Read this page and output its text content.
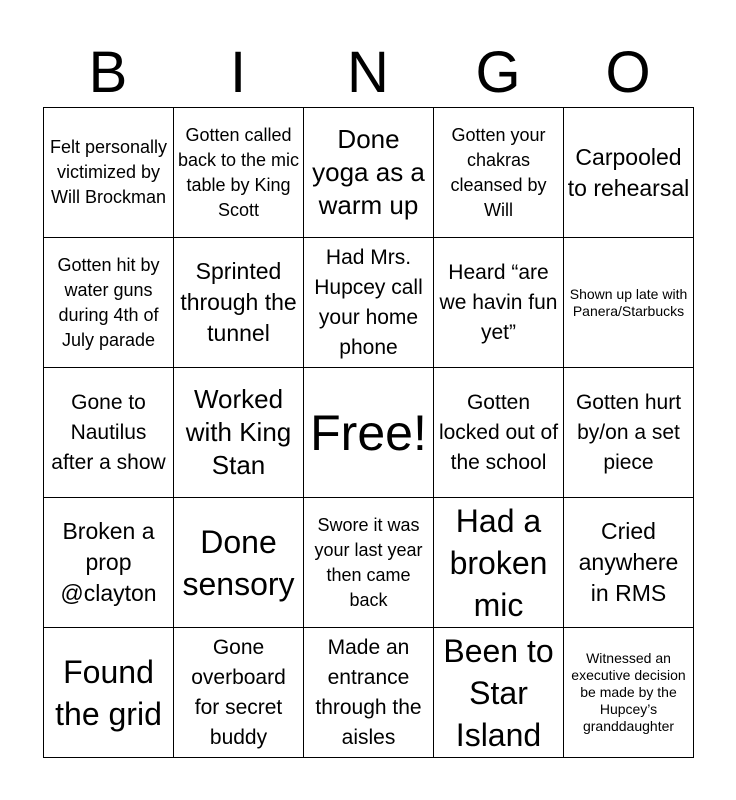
B	I	N	G	O
Felt personally victimized by Will Brockman
Gotten called back to the mic table by King Scott
Done yoga as a warm up
Gotten your chakras cleansed by Will
Carpooled to rehearsal
Gotten hit by water guns during 4th of July parade
Sprinted through the tunnel
Had Mrs. Hupcey call your home phone
Heard “are we havin fun yet”
Shown up late with Panera/Starbucks
Gone to Nautilus after a show
Worked with King Stan
Free!
Gotten locked out of the school
Gotten hurt by/on a set piece
Broken a prop @clayton
Done sensory
Swore it was your last year then came back
Had a broken mic
Cried anywhere in RMS
Found the grid
Gone overboard for secret buddy
Made an entrance through the aisles
Been to Star Island
Witnessed an executive decision be made by the Hupcey’s granddaughter
